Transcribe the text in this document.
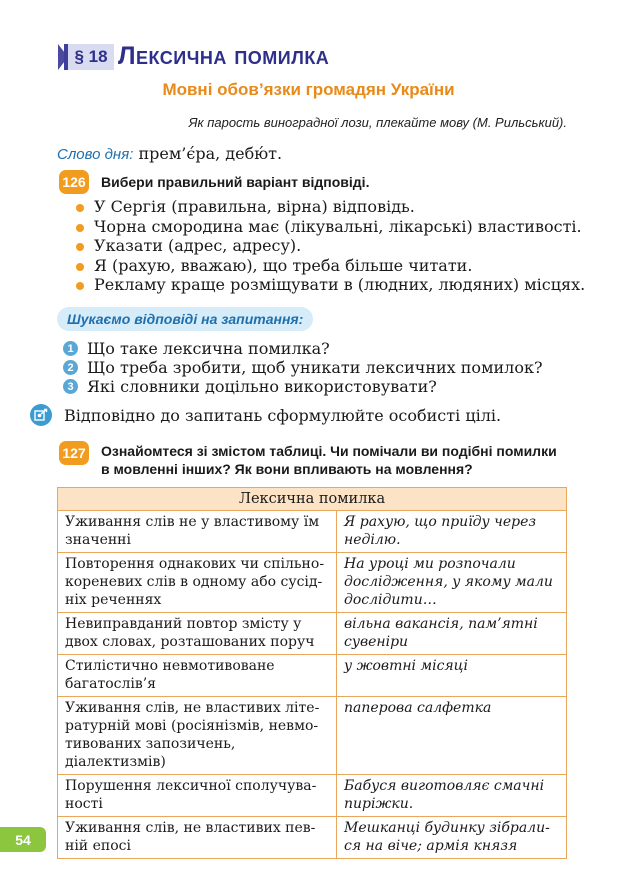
§ 18 Лексична помилка
Мовні обов’язки громадян України
Як парость виноградної лози, плекайте мову (М. Рильський).
Слово дня: прем’є́ра, дебю́т.
126 Вибери правильний варіант відповіді.
У Сергія (правильна, вірна) відповідь.
Чорна смородина має (лікувальні, лікарські) властивості.
Указати (адрес, адресу).
Я (рахую, вважаю), що треба більше читати.
Рекламу краще розміщувати в (людних, людяних) місцях.
Шукаємо відповіді на запитання:
1 Що таке лексична помилка?
2 Що треба зробити, щоб уникати лексичних помилок?
3 Які словники доцільно використовувати?
Відповідно до запитань сформулюйте особисті цілі.
127 Ознайомтеся зі змістом таблиці. Чи помічали ви подібні помилки
в мовленні інших? Як вони впливають на мовлення?
Лексична помилка	
Уживання слів не у властивому їм значенні	Я рахую, що приїду через неділю.
Повторення однакових чи спільнокореневих слів в одному або сусідніх реченнях	На уроці ми розпочали дослідження, у якому мали дослідити…
Невиправданий повтор змісту у двох словах, розташованих поруч	вільна вакансія, пам’ятні сувеніри
Стилістично невмотивоване багатослів’я	у жовтні місяці
Уживання слів, не властивих літературній мові (росіянізмів, невмотивованих запозичень, діалектизмів)	паперова салфетка
Порушення лексичної сполучуваності	Бабуся виготовляє смачні пиріжки.
Уживання слів, не властивих певній епосі	Мешканці будинку зібралися на віче; армія князя
54
